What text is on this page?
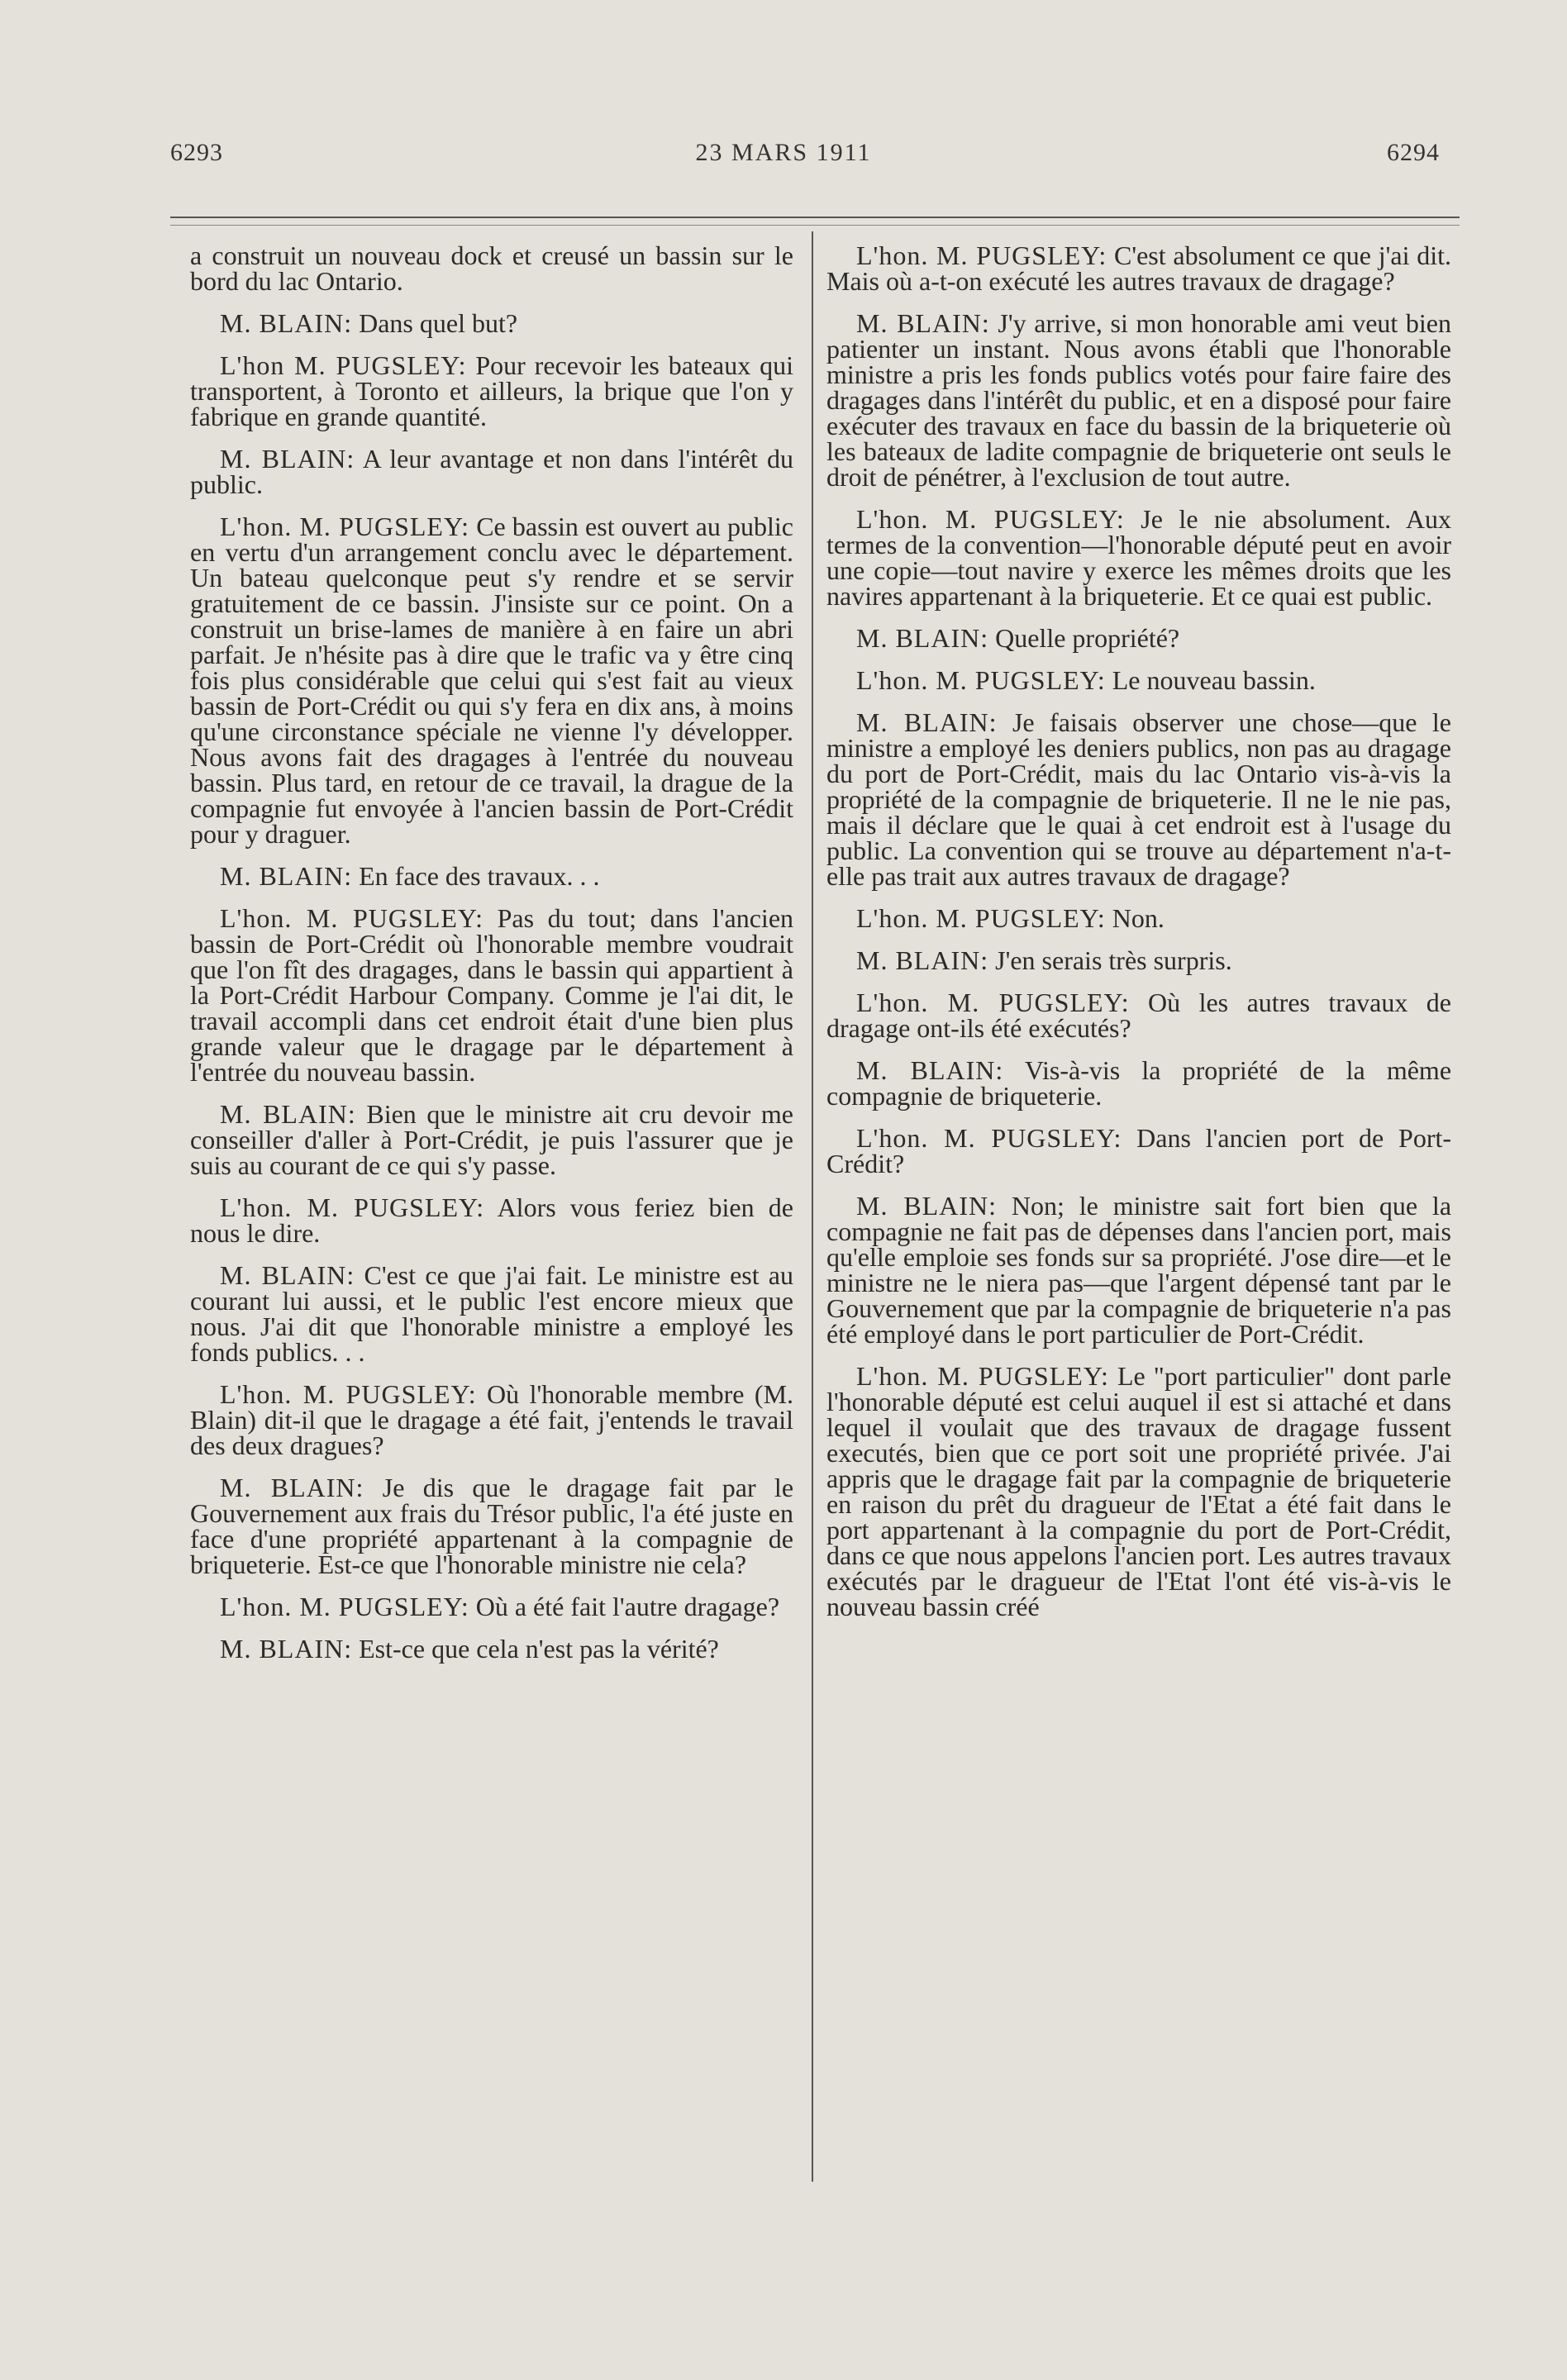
6293	23 MARS 1911	6294

a construit un nouveau dock et creusé un bassin sur le bord du lac Ontario.

M. BLAIN: Dans quel but?

L'hon M. PUGSLEY: Pour recevoir les bateaux qui transportent, à Toronto et ailleurs, la brique que l'on y fabrique en grande quantité.

M. BLAIN: A leur avantage et non dans l'intérêt du public.

L'hon. M. PUGSLEY: Ce bassin est ouvert au public en vertu d'un arrangement conclu avec le département. Un bateau quelconque peut s'y rendre et se servir gratuitement de ce bassin. J'insiste sur ce point. On a construit un brise-lames de manière à en faire un abri parfait. Je n'hésite pas à dire que le trafic va y être cinq fois plus considérable que celui qui s'est fait au vieux bassin de Port-Crédit ou qui s'y fera en dix ans, à moins qu'une circonstance spéciale ne vienne l'y développer. Nous avons fait des dragages à l'entrée du nouveau bassin. Plus tard, en retour de ce travail, la drague de la compagnie fut envoyée à l'ancien bassin de Port-Crédit pour y draguer.

M. BLAIN: En face des travaux. . .

L'hon. M. PUGSLEY: Pas du tout; dans l'ancien bassin de Port-Crédit où l'honorable membre voudrait que l'on fît des dragages, dans le bassin qui appartient à la Port-Crédit Harbour Company. Comme je l'ai dit, le travail accompli dans cet endroit était d'une bien plus grande valeur que le dragage par le département à l'entrée du nouveau bassin.

M. BLAIN: Bien que le ministre ait cru devoir me conseiller d'aller à Port-Crédit, je puis l'assurer que je suis au courant de ce qui s'y passe.

L'hon. M. PUGSLEY: Alors vous feriez bien de nous le dire.

M. BLAIN: C'est ce que j'ai fait. Le ministre est au courant lui aussi, et le public l'est encore mieux que nous. J'ai dit que l'honorable ministre a employé les fonds publics. . .

L'hon. M. PUGSLEY: Où l'honorable membre (M. Blain) dit-il que le dragage a été fait, j'entends le travail des deux dragues?

M. BLAIN: Je dis que le dragage fait par le Gouvernement aux frais du Trésor public, l'a été juste en face d'une propriété appartenant à la compagnie de briqueterie. Est-ce que l'honorable ministre nie cela?

L'hon. M. PUGSLEY: Où a été fait l'autre dragage?

M. BLAIN: Est-ce que cela n'est pas la vérité?

L'hon. M. PUGSLEY: C'est absolument ce que j'ai dit. Mais où a-t-on exécuté les autres travaux de dragage?

M. BLAIN: J'y arrive, si mon honorable ami veut bien patienter un instant. Nous avons établi que l'honorable ministre a pris les fonds publics votés pour faire faire des dragages dans l'intérêt du public, et en a disposé pour faire exécuter des travaux en face du bassin de la briqueterie où les bateaux de ladite compagnie de briqueterie ont seuls le droit de pénétrer, à l'exclusion de tout autre.

L'hon. M. PUGSLEY: Je le nie absolument. Aux termes de la convention—l'honorable député peut en avoir une copie—tout navire y exerce les mêmes droits que les navires appartenant à la briqueterie. Et ce quai est public.

M. BLAIN: Quelle propriété?

L'hon. M. PUGSLEY: Le nouveau bassin.

M. BLAIN: Je faisais observer une chose—que le ministre a employé les deniers publics, non pas au dragage du port de Port-Crédit, mais du lac Ontario vis-à-vis la propriété de la compagnie de briqueterie. Il ne le nie pas, mais il déclare que le quai à cet endroit est à l'usage du public. La convention qui se trouve au département n'a-t-elle pas trait aux autres travaux de dragage?

L'hon. M. PUGSLEY: Non.

M. BLAIN: J'en serais très surpris.

L'hon. M. PUGSLEY: Où les autres travaux de dragage ont-ils été exécutés?

M. BLAIN: Vis-à-vis la propriété de la même compagnie de briqueterie.

L'hon. M. PUGSLEY: Dans l'ancien port de Port-Crédit?

M. BLAIN: Non; le ministre sait fort bien que la compagnie ne fait pas de dépenses dans l'ancien port, mais qu'elle emploie ses fonds sur sa propriété. J'ose dire—et le ministre ne le niera pas—que l'argent dépensé tant par le Gouvernement que par la compagnie de briqueterie n'a pas été employé dans le port particulier de Port-Crédit.

L'hon. M. PUGSLEY: Le "port particulier" dont parle l'honorable député est celui auquel il est si attaché et dans lequel il voulait que des travaux de dragage fussent executés, bien que ce port soit une propriété privée. J'ai appris que le dragage fait par la compagnie de briqueterie en raison du prêt du dragueur de l'Etat a été fait dans le port appartenant à la compagnie du port de Port-Crédit, dans ce que nous appelons l'ancien port. Les autres travaux exécutés par le dragueur de l'Etat l'ont été vis-à-vis le nouveau bassin créé
